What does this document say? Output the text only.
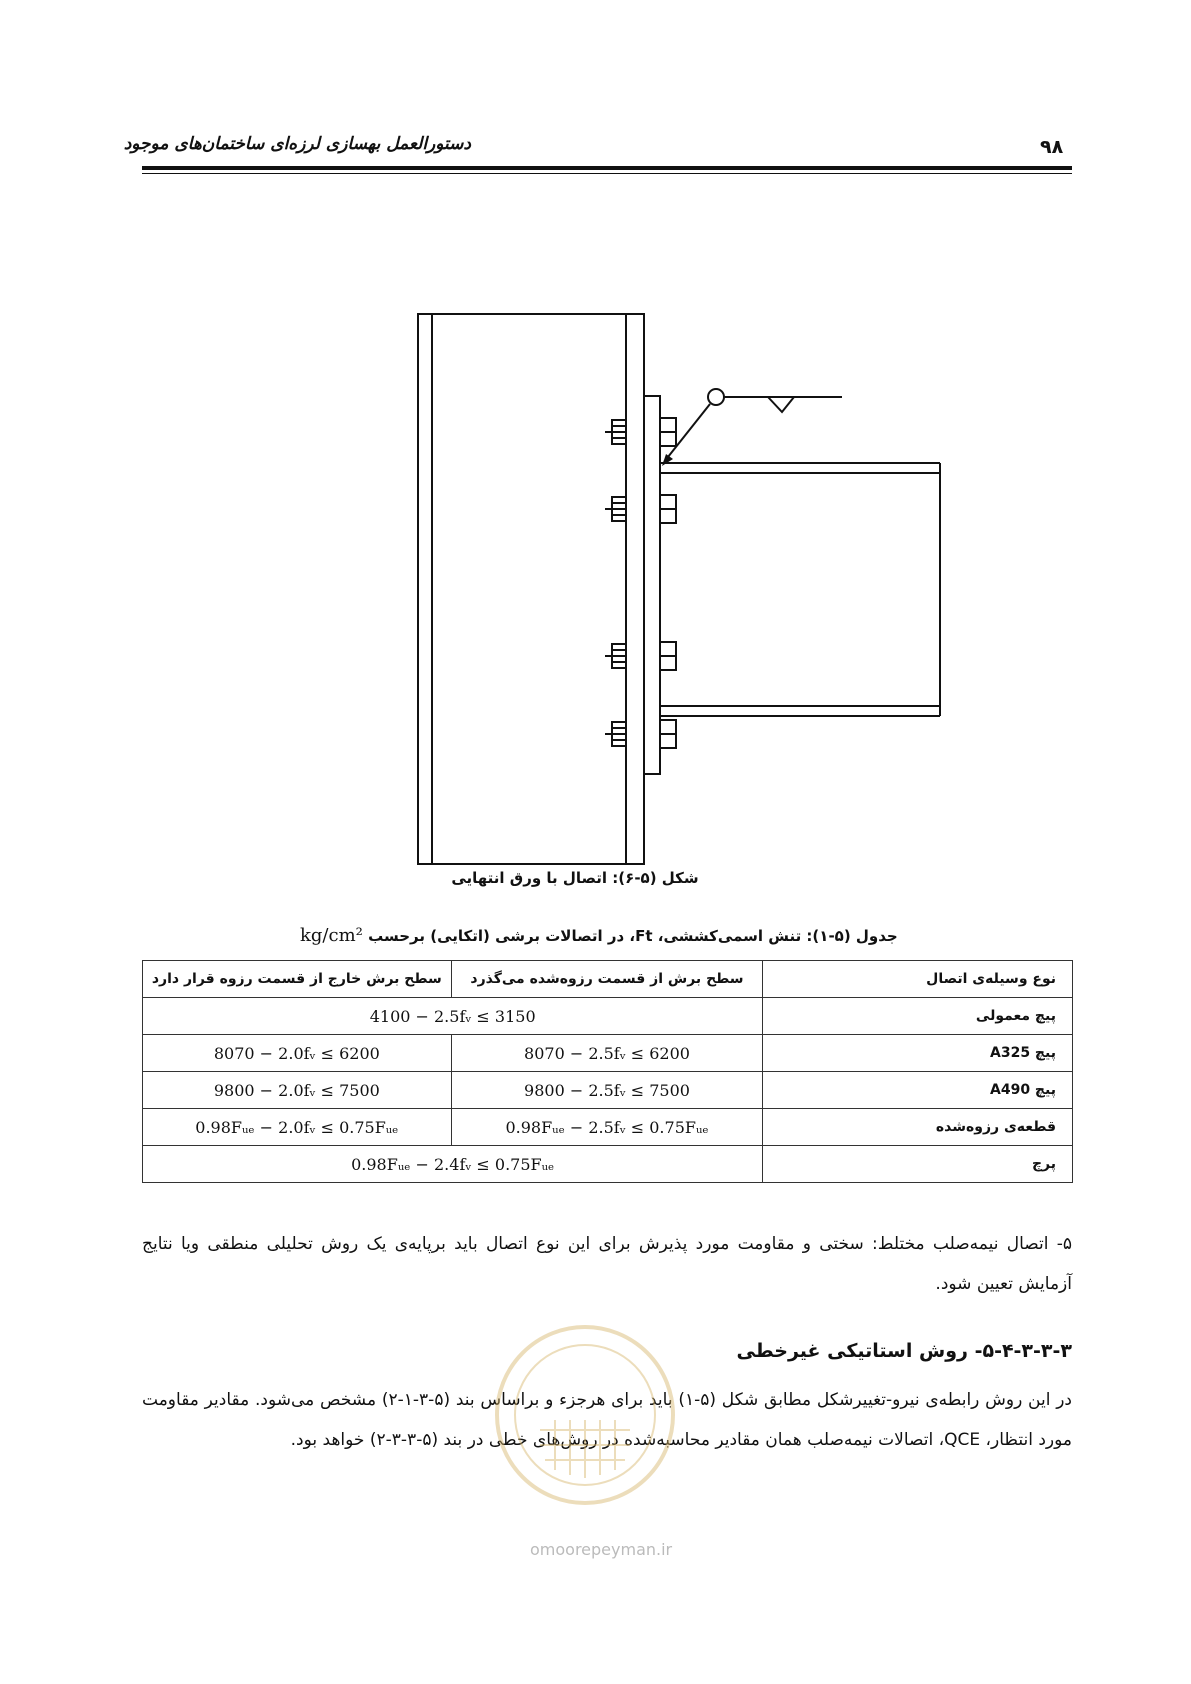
۹۸
دستورالعمل بهسازی لرزه‌ای ساختمان‌های موجود
شکل (۵-۶): اتصال با ورق انتهایی
جدول (۵-۱): تنش اسمی‌کششی، Ft، در اتصالات برشی (اتکایی) برحسب kg/cm²
نوع وسیله‌ی اتصال	سطح برش از قسمت رزوه‌شده می‌گذرد	سطح برش خارج از قسمت رزوه قرار دارد
پیچ معمولی	4100 − 2.5fᵥ ≤ 3150	
پیچ A325	8070 − 2.5fᵥ ≤ 6200	8070 − 2.0fᵥ ≤ 6200
پیچ A490	9800 − 2.5fᵥ ≤ 7500	9800 − 2.0fᵥ ≤ 7500
قطعه‌ی رزوه‌شده	0.98Fᵤₑ − 2.5fᵥ ≤ 0.75Fᵤₑ	0.98Fᵤₑ − 2.0fᵥ ≤ 0.75Fᵤₑ
پرچ	0.98Fᵤₑ − 2.4fᵥ ≤ 0.75Fᵤₑ	
۵- اتصال نیمه‌صلب مختلط: سختی و مقاومت مورد پذیرش برای این نوع اتصال باید برپایه‌ی یک روش تحلیلی منطقی ویا نتایج آزمایش تعیین شود.
۵-۴-۳-۳-۳- روش استاتیکی غیرخطی
در این روش رابطه‌ی نیرو-تغییرشکل مطابق شکل (۵-۱) باید برای هرجزء و براساس بند (۵-۳-۱-۲) مشخص می‌شود. مقادیر مقاومت مورد انتظار، QCE، اتصالات نیمه‌صلب همان مقادیر محاسبه‌شده در روش‌های خطی در بند (۵-۳-۳-۲) خواهد بود.
omoorepeyman.ir
